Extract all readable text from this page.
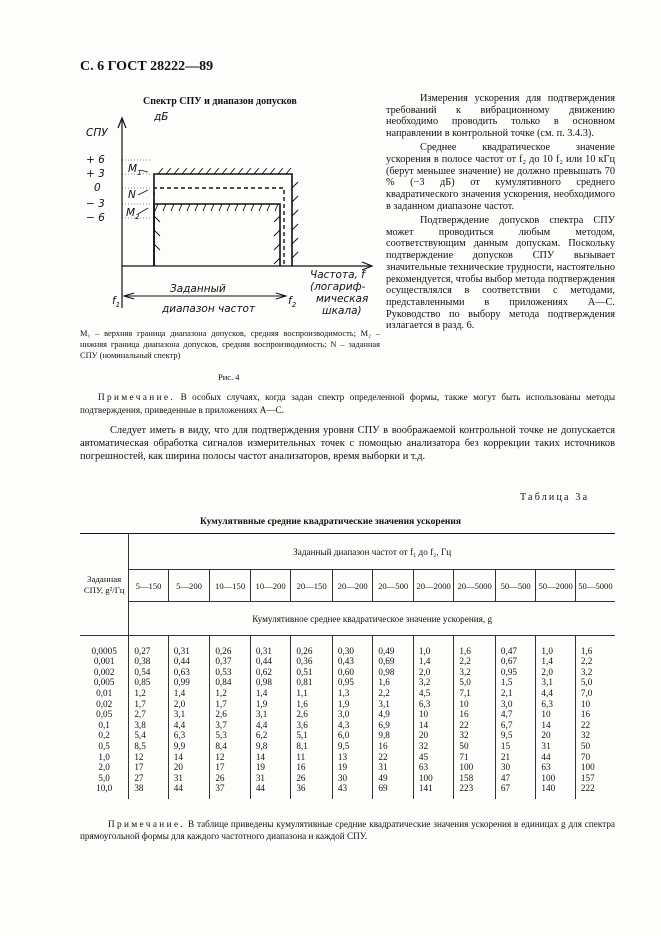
С. 6 ГОСТ 28222—89
Спектр СПУ и диапазон допусков
дБ
СПУ
+ 6
+ 3
0
− 3
− 6
$M_1$
N
$M_2$
Частота, f
(логариф-
мическая
шкала)
Заданный
диапазон частот
$f_1$	$f_2$
M₁ – верхняя граница диапазона допусков, средняя воспроизводимость; M₂ – нижняя граница диапазона допусков, средняя воспроизводимость; N – заданная СПУ (номинальный спектр)
Рис. 4

Измерения ускорения для подтверждения требований к вибрационному движению необходимо проводить только в основном направлении в контрольной точке (см. п. 3.4.3).

Среднее квадратическое значение ускорения в полосе частот от f₂ до 10 f₂ или 10 кГц (берут меньшее значение) не должно превышать 70 % (−3 дБ) от кумулятивного среднего квадратического значения ускорения, необходимого в заданном диапазоне частот.

Подтверждение допусков спектра СПУ может проводиться любым методом, соответствующим данным допускам. Поскольку подтверждение допусков СПУ вызывает значительные технические трудности, настоятельно рекомендуется, чтобы выбор метода подтверждения осуществлялся в соответствии с методами, представленными в приложениях А—С. Руководство по выбору метода подтверждения излагается в разд. 6.

Примечание. В особых случаях, когда задан спектр определенной формы, также могут быть использованы методы подтверждения, приведенные в приложениях А—С.
Следует иметь в виду, что для подтверждения уровня СПУ в воображаемой контрольной точке не допускается автоматическая обработка сигналов измерительных точек с помощью анализатора без коррекции таких источников погрешностей, как ширина полосы частот анализаторов, время выборки и т.д.
Таблица 3а
Кумулятивные средние квадратические значения ускорения
Заданная СПУ, g²/Гц	Заданный диапазон частот от f₁ до f₂, Гц											
	5—150	5—200	10—150	10—200	20—150	20—200	20—500	20—2000	20—5000	50—500	50—2000	50—5000
	Кумулятивное среднее квадратическое значение ускорения, g											
0,0005	0,27	0,31	0,26	0,31	0,26	0,30	0,49	1,0	1,6	0,47	1,0	1,6
0,001	0,38	0,44	0,37	0,44	0,36	0,43	0,69	1,4	2,2	0,67	1,4	2,2
0,002	0,54	0,63	0,53	0,62	0,51	0,60	0,98	2,0	3,2	0,95	2,0	3,2
0,005	0,85	0,99	0,84	0,98	0,81	0,95	1,6	3,2	5,0	1,5	3,1	5,0
0,01	1,2	1,4	1,2	1,4	1,1	1,3	2,2	4,5	7,1	2,1	4,4	7,0
0,02	1,7	2,0	1,7	1,9	1,6	1,9	3,1	6,3	10	3,0	6,3	10
0,05	2,7	3,1	2,6	3,1	2,6	3,0	4,9	10	16	4,7	10	16
0,1	3,8	4,4	3,7	4,4	3,6	4,3	6,9	14	22	6,7	14	22
0,2	5,4	6,3	5,3	6,2	5,1	6,0	9,8	20	32	9,5	20	32
0,5	8,5	9,9	8,4	9,8	8,1	9,5	16	32	50	15	31	50
1,0	12	14	12	14	11	13	22	45	71	21	44	70
2,0	17	20	17	19	16	19	31	63	100	30	63	100
5,0	27	31	26	31	26	30	49	100	158	47	100	157
10,0	38	44	37	44	36	43	69	141	223	67	140	222
Примечание. В таблице приведены кумулятивные средние квадратические значения ускорения в единицах g для спектра прямоугольной формы для каждого частотного диапазона и каждой СПУ.
